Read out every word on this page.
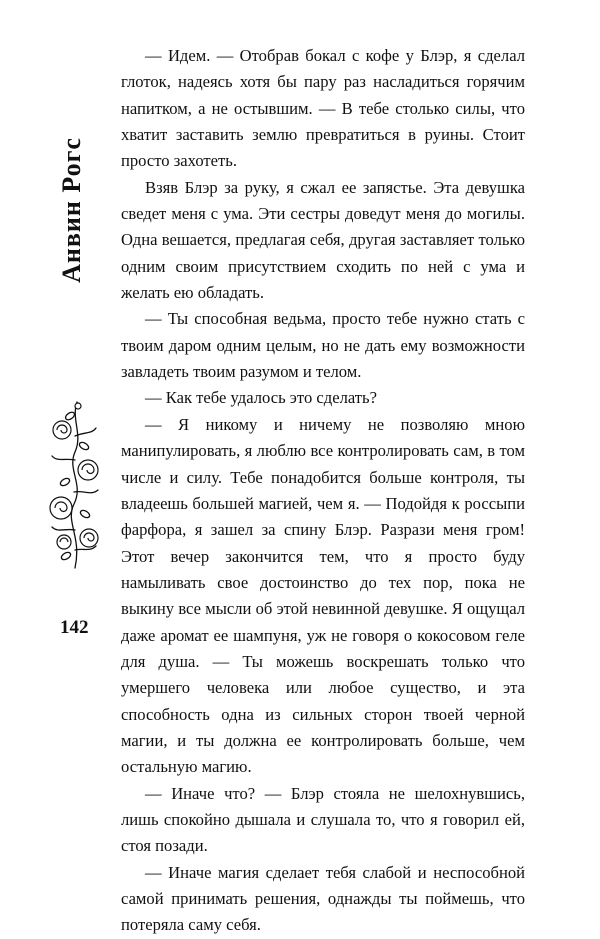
Анвин Рогс
142

— Идем. — Отобрав бокал с кофе у Блэр, я сделал глоток, надеясь хотя бы пару раз насладиться горячим напитком, а не остывшим. — В тебе столько силы, что хватит заставить землю превратиться в руины. Стоит просто захотеть.

Взяв Блэр за руку, я сжал ее запястье. Эта девушка сведет меня с ума. Эти сестры доведут меня до могилы. Одна вешается, предлагая себя, другая заставляет только одним своим присутствием сходить по ней с ума и желать ею обладать.

— Ты способная ведьма, просто тебе нужно стать с твоим даром одним целым, но не дать ему возможности завладеть твоим разумом и телом.

— Как тебе удалось это сделать?

— Я никому и ничему не позволяю мною манипулировать, я люблю все контролировать сам, в том числе и силу. Тебе понадобится больше контроля, ты владеешь большей магией, чем я. — Подойдя к россыпи фарфора, я зашел за спину Блэр. Разрази меня гром! Этот вечер закончится тем, что я просто буду намыливать свое достоинство до тех пор, пока не выкину все мысли об этой невинной девушке. Я ощущал даже аромат ее шампуня, уж не говоря о кокосовом геле для душа. — Ты можешь воскрешать только что умершего человека или любое существо, и эта способность одна из сильных сторон твоей черной магии, и ты должна ее контролировать больше, чем остальную магию.

— Иначе что? — Блэр стояла не шелохнувшись, лишь спокойно дышала и слушала то, что я говорил ей, стоя позади.

— Иначе магия сделает тебя слабой и неспособной самой принимать решения, однажды ты поймешь, что потеряла саму себя.
